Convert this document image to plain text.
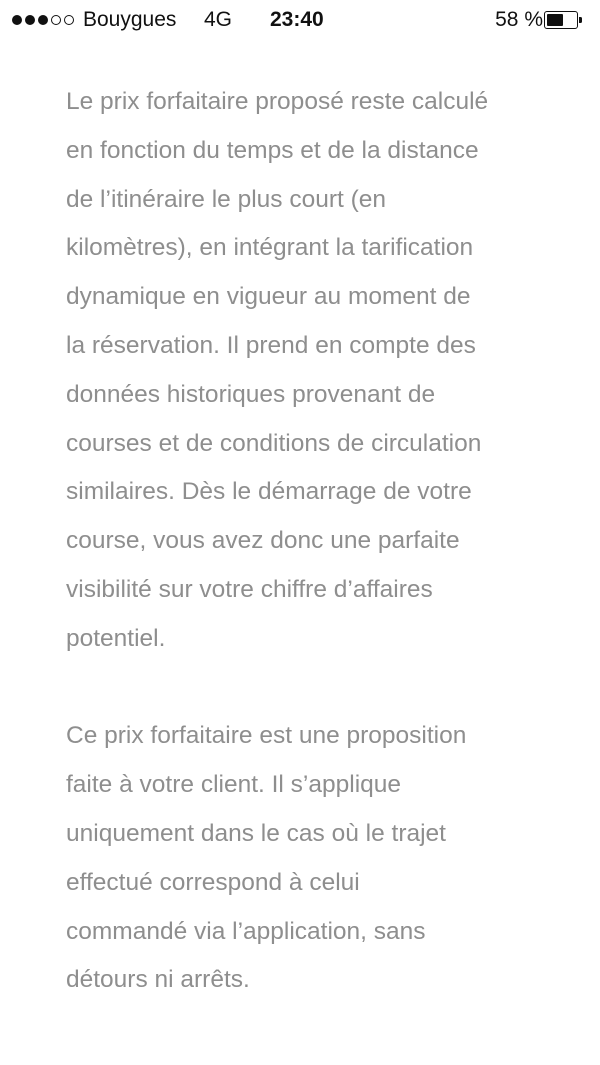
Bouygues 4G 23:40	58 %

Le prix forfaitaire proposé reste calculé

en fonction du temps et de la distance

de l’itinéraire le plus court (en

kilomètres), en intégrant la tarification

dynamique en vigueur au moment de

la réservation. Il prend en compte des

données historiques provenant de

courses et de conditions de circulation

similaires. Dès le démarrage de votre

course, vous avez donc une parfaite

visibilité sur votre chiffre d’affaires

potentiel.

Ce prix forfaitaire est une proposition

faite à votre client. Il s’applique

uniquement dans le cas où le trajet

effectué correspond à celui

commandé via l’application, sans

détours ni arrêts.
